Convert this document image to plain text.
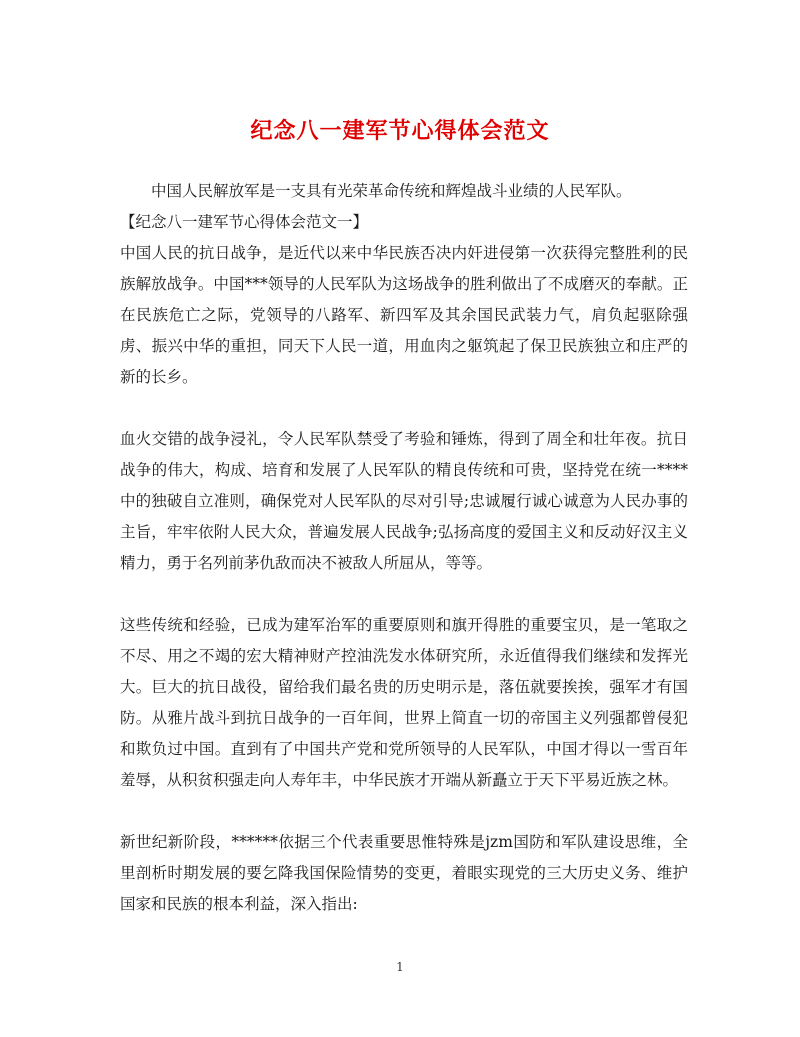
纪念八一建军节心得体会范文

中国人民解放军是一支具有光荣革命传统和辉煌战斗业绩的人民军队。

【纪念八一建军节心得体会范文一】

中国人民的抗日战争，是近代以来中华民族否决内奸进侵第一次获得完整胜利的民族解放战争。中国***领导的人民军队为这场战争的胜利做出了不成磨灭的奉献。正在民族危亡之际，党领导的八路军、新四军及其余国民武装力气，肩负起驱除强虏、振兴中华的重担，同天下人民一道，用血肉之躯筑起了保卫民族独立和庄严的新的长乡。

血火交错的战争浸礼，令人民军队禁受了考验和锤炼，得到了周全和壮年夜。抗日战争的伟大，构成、培育和发展了人民军队的精良传统和可贵，坚持党在统一****中的独破自立准则，确保党对人民军队的尽对引导;忠诚履行诚心诚意为人民办事的主旨，牢牢依附人民大众，普遍发展人民战争;弘扬高度的爱国主义和反动好汉主义精力，勇于名列前茅仇敌而决不被敌人所屈从，等等。

这些传统和经验，已成为建军治军的重要原则和旗开得胜的重要宝贝，是一笔取之不尽、用之不竭的宏大精神财产控油洗发水体研究所，永近值得我们继续和发挥光大。巨大的抗日战役，留给我们最名贵的历史明示是，落伍就要挨挨，强军才有国防。从雅片战斗到抗日战争的一百年间，世界上简直一切的帝国主义列强都曾侵犯和欺负过中国。直到有了中国共产党和党所领导的人民军队，中国才得以一雪百年羞辱，从积贫积强走向人寿年丰，中华民族才开端从新矗立于天下平易近族之林。

新世纪新阶段，******依据三个代表重要思惟特殊是jzm国防和军队建设思维，全里剖析时期发展的要乞降我国保险情势的变更，着眼实现党的三大历史义务、维护国家和民族的根本利益，深入指出:

1
